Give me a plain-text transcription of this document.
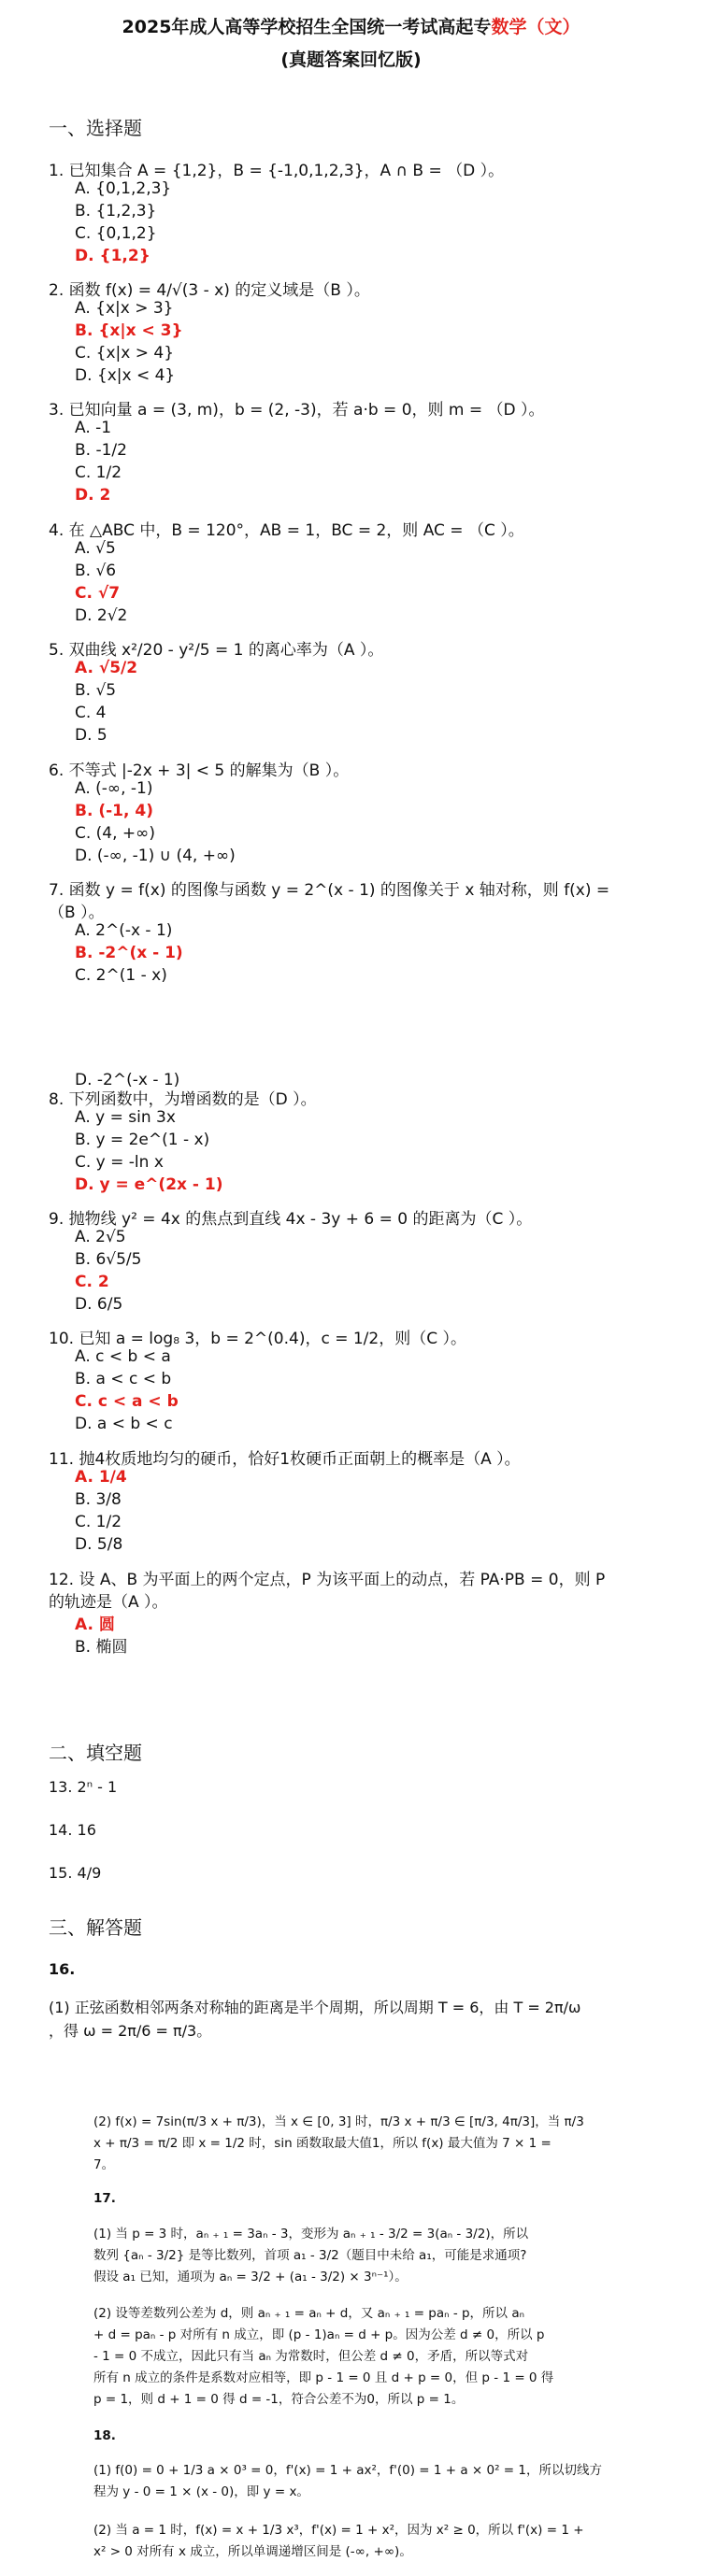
2025年成人高等学校招生全国统一考试高起专数学（文）
(真题答案回忆版)
一、选择题
1. 已知集合 A = {1,2}，B = {-1,0,1,2,3}，A ∩ B = （D ）。
A. {0,1,2,3}
B. {1,2,3}
C. {0,1,2}
D. {1,2}
2. 函数 f(x) = 4/√(3 - x) 的定义域是（B ）。
A. {x|x > 3}
B. {x|x < 3}
C. {x|x > 4}
D. {x|x < 4}
3. 已知向量 a = (3, m)，b = (2, -3)，若 a·b = 0，则 m = （D ）。
A. -1
B. -1/2
C. 1/2
D. 2
4. 在 △ABC 中，B = 120°，AB = 1，BC = 2，则 AC = （C ）。
A. √5
B. √6
C. √7
D. 2√2
5. 双曲线 x²/20 - y²/5 = 1 的离心率为（A ）。
A. √5/2
B. √5
C. 4
D. 5
6. 不等式 |-2x + 3| < 5 的解集为（B ）。
A. (-∞, -1)
B. (-1, 4)
C. (4, +∞)
D. (-∞, -1) ∪ (4, +∞)
7. 函数 y = f(x) 的图像与函数 y = 2^(x - 1) 的图像关于 x 轴对称，则 f(x) =
（B ）。
A. 2^(-x - 1)
B. -2^(x - 1)
C. 2^(1 - x)
D. -2^(-x - 1)
8. 下列函数中，为增函数的是（D ）。
A. y = sin 3x
B. y = 2e^(1 - x)
C. y = -ln x
D. y = e^(2x - 1)
9. 抛物线 y² = 4x 的焦点到直线 4x - 3y + 6 = 0 的距离为（C ）。
A. 2√5
B. 6√5/5
C. 2
D. 6/5
10. 已知 a = log₈ 3，b = 2^(0.4)，c = 1/2，则（C ）。
A. c < b < a
B. a < c < b
C. c < a < b
D. a < b < c
11. 抛4枚质地均匀的硬币，恰好1枚硬币正面朝上的概率是（A ）。
A. 1/4
B. 3/8
C. 1/2
D. 5/8
12. 设 A、B 为平面上的两个定点，P 为该平面上的动点，若 PA·PB = 0，则 P
的轨迹是（A ）。
A. 圆
B. 椭圆
二、填空题
13. 2ⁿ - 1
14. 16
15. 4/9
三、解答题
16.
(1) 正弦函数相邻两条对称轴的距离是半个周期，所以周期 T = 6，由 T = 2π/ω
，得 ω = 2π/6 = π/3。
(2) f(x) = 7sin(π/3 x + π/3)，当 x ∈ [0, 3] 时，π/3 x + π/3 ∈ [π/3, 4π/3]，当 π/3
x + π/3 = π/2 即 x = 1/2 时，sin 函数取最大值1，所以 f(x) 最大值为 7 × 1 =
7。
17.
(1) 当 p = 3 时，aₙ ₊ ₁ = 3aₙ - 3，变形为 aₙ ₊ ₁ - 3/2 = 3(aₙ - 3/2)，所以
数列 {aₙ - 3/2} 是等比数列，首项 a₁ - 3/2（题目中未给 a₁，可能是求通项?
假设 a₁ 已知，通项为 aₙ = 3/2 + (a₁ - 3/2) × 3ⁿ⁻¹）。
(2) 设等差数列公差为 d，则 aₙ ₊ ₁ = aₙ + d，又 aₙ ₊ ₁ = paₙ - p，所以 aₙ
+ d = paₙ - p 对所有 n 成立，即 (p - 1)aₙ = d + p。因为公差 d ≠ 0，所以 p
- 1 = 0 不成立，因此只有当 aₙ 为常数时，但公差 d ≠ 0，矛盾，所以等式对
所有 n 成立的条件是系数对应相等，即 p - 1 = 0 且 d + p = 0，但 p - 1 = 0 得
p = 1，则 d + 1 = 0 得 d = -1，符合公差不为0，所以 p = 1。
18.
(1) f(0) = 0 + 1/3 a × 0³ = 0，f'(x) = 1 + ax²，f'(0) = 1 + a × 0² = 1，所以切线方
程为 y - 0 = 1 × (x - 0)，即 y = x。
(2) 当 a = 1 时，f(x) = x + 1/3 x³，f'(x) = 1 + x²，因为 x² ≥ 0，所以 f'(x) = 1 +
x² > 0 对所有 x 成立，所以单调递增区间是 (-∞, +∞)。
